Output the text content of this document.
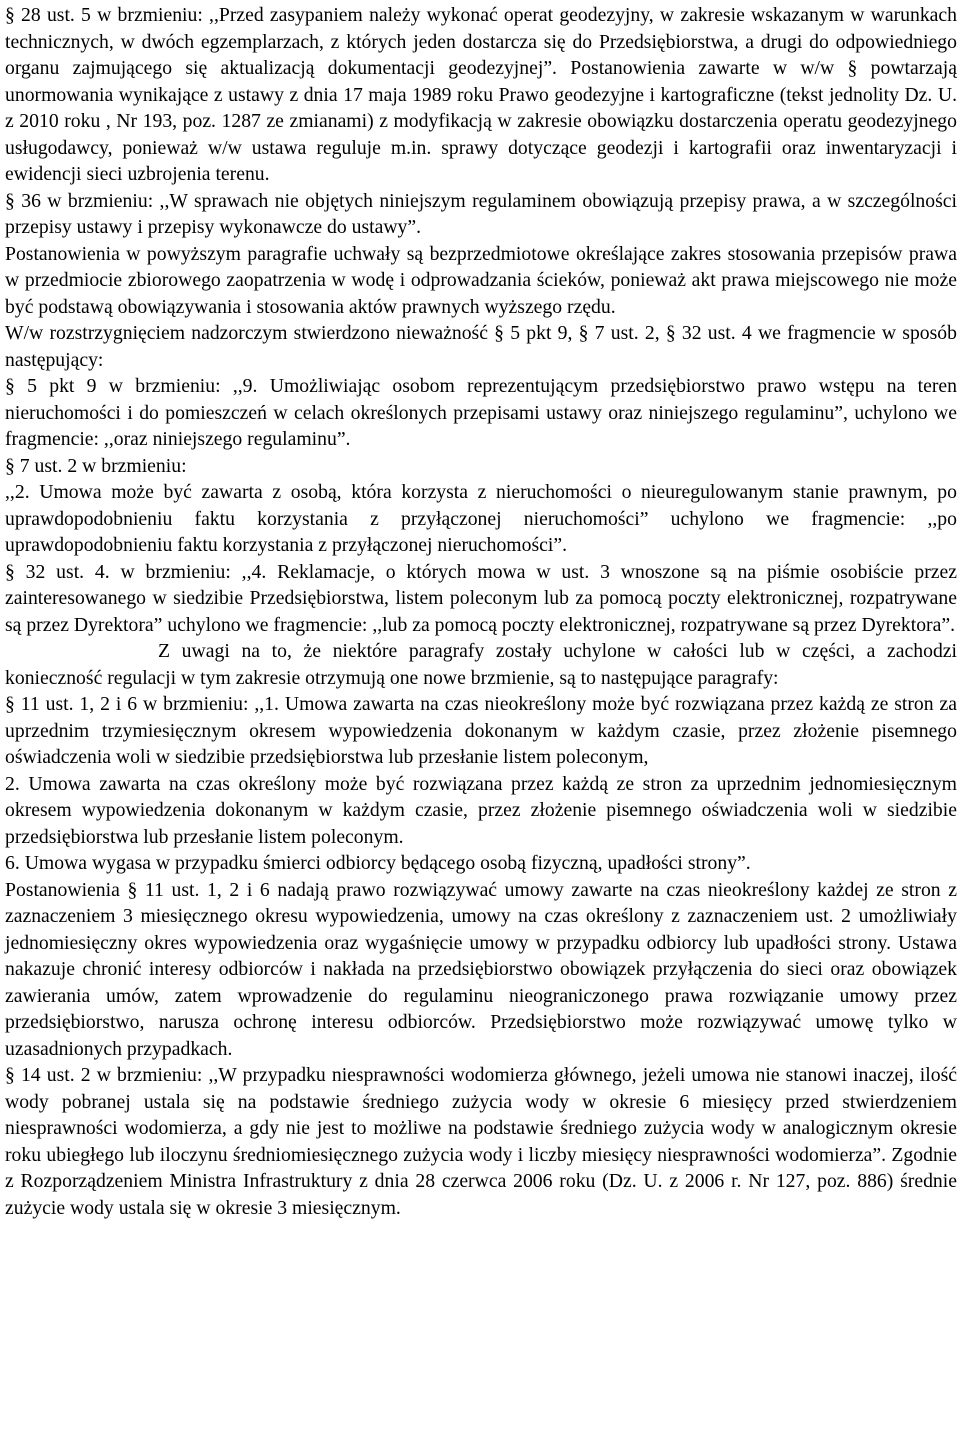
§ 28 ust. 5 w brzmieniu: ,,Przed zasypaniem należy wykonać operat geodezyjny, w zakresie wskazanym w warunkach technicznych, w dwóch egzemplarzach, z których jeden dostarcza się do Przedsiębiorstwa, a drugi do odpowiedniego organu zajmującego się aktualizacją dokumentacji geodezyjnej”. Postanowienia zawarte w w/w § powtarzają unormowania wynikające z ustawy z dnia 17 maja 1989 roku Prawo geodezyjne i kartograficzne (tekst jednolity Dz. U. z 2010 roku , Nr 193, poz. 1287 ze zmianami) z modyfikacją w zakresie obowiązku dostarczenia operatu geodezyjnego usługodawcy, ponieważ w/w ustawa reguluje m.in. sprawy dotyczące geodezji i kartografii oraz inwentaryzacji i ewidencji sieci uzbrojenia terenu.

§ 36 w brzmieniu: ,,W sprawach nie objętych niniejszym regulaminem obowiązują przepisy prawa, a w szczególności przepisy ustawy i przepisy wykonawcze do ustawy”.

Postanowienia w powyższym paragrafie uchwały są bezprzedmiotowe określające zakres stosowania przepisów prawa w przedmiocie zbiorowego zaopatrzenia w wodę i odprowadzania ścieków, ponieważ akt prawa miejscowego nie może być podstawą obowiązywania i stosowania aktów prawnych wyższego rzędu.

W/w rozstrzygnięciem nadzorczym stwierdzono nieważność § 5 pkt 9, § 7 ust. 2, § 32 ust. 4 we fragmencie w sposób następujący:

§ 5 pkt 9 w brzmieniu: ,,9. Umożliwiając osobom reprezentującym przedsiębiorstwo prawo wstępu na teren nieruchomości i do pomieszczeń w celach określonych przepisami ustawy oraz niniejszego regulaminu”, uchylono we fragmencie: ,,oraz niniejszego regulaminu”.

§ 7 ust. 2 w brzmieniu:

,,2. Umowa może być zawarta z osobą, która korzysta z nieruchomości o nieuregulowanym stanie prawnym, po uprawdopodobnieniu faktu korzystania z przyłączonej nieruchomości” uchylono we fragmencie: ,,po uprawdopodobnieniu faktu korzystania z przyłączonej nieruchomości”.

§ 32 ust. 4. w brzmieniu: ,,4. Reklamacje, o których mowa w ust. 3 wnoszone są na piśmie osobiście przez zainteresowanego w siedzibie Przedsiębiorstwa, listem poleconym lub za pomocą poczty elektronicznej, rozpatrywane są przez Dyrektora” uchylono we fragmencie: ,,lub za pomocą poczty elektronicznej, rozpatrywane są przez Dyrektora”.

Z uwagi na to, że niektóre paragrafy zostały uchylone w całości lub w części, a zachodzi konieczność regulacji w tym zakresie otrzymują one nowe brzmienie, są to następujące paragrafy:

§ 11 ust. 1, 2 i 6 w brzmieniu: ,,1. Umowa zawarta na czas nieokreślony może być rozwiązana przez każdą ze stron za uprzednim trzymiesięcznym okresem wypowiedzenia dokonanym w każdym czasie, przez złożenie pisemnego oświadczenia woli w siedzibie przedsiębiorstwa lub przesłanie listem poleconym,

2. Umowa zawarta na czas określony może być rozwiązana przez każdą ze stron za uprzednim jednomiesięcznym okresem wypowiedzenia dokonanym w każdym czasie, przez złożenie pisemnego oświadczenia woli w siedzibie przedsiębiorstwa lub przesłanie listem poleconym.

6. Umowa wygasa w przypadku śmierci odbiorcy będącego osobą fizyczną, upadłości strony”.

Postanowienia § 11 ust. 1, 2 i 6 nadają prawo rozwiązywać umowy zawarte na czas nieokreślony każdej ze stron z zaznaczeniem 3 miesięcznego okresu wypowiedzenia, umowy na czas określony z zaznaczeniem ust. 2 umożliwiały jednomiesięczny okres wypowiedzenia oraz wygaśnięcie umowy w przypadku odbiorcy lub upadłości strony. Ustawa nakazuje chronić interesy odbiorców i nakłada na przedsiębiorstwo obowiązek przyłączenia do sieci oraz obowiązek zawierania umów, zatem wprowadzenie do regulaminu nieograniczonego prawa rozwiązanie umowy przez przedsiębiorstwo, narusza ochronę interesu odbiorców. Przedsiębiorstwo może rozwiązywać umowę tylko w uzasadnionych przypadkach.

§ 14 ust. 2 w brzmieniu: ,,W przypadku niesprawności wodomierza głównego, jeżeli umowa nie stanowi inaczej, ilość wody pobranej ustala się na podstawie średniego zużycia wody w okresie 6 miesięcy przed stwierdzeniem niesprawności wodomierza, a gdy nie jest to możliwe na podstawie średniego zużycia wody w analogicznym okresie roku ubiegłego lub iloczynu średniomiesięcznego zużycia wody i liczby miesięcy niesprawności wodomierza”. Zgodnie z Rozporządzeniem Ministra Infrastruktury z dnia 28 czerwca 2006 roku (Dz. U. z 2006 r. Nr 127, poz. 886) średnie zużycie wody ustala się w okresie 3 miesięcznym.
